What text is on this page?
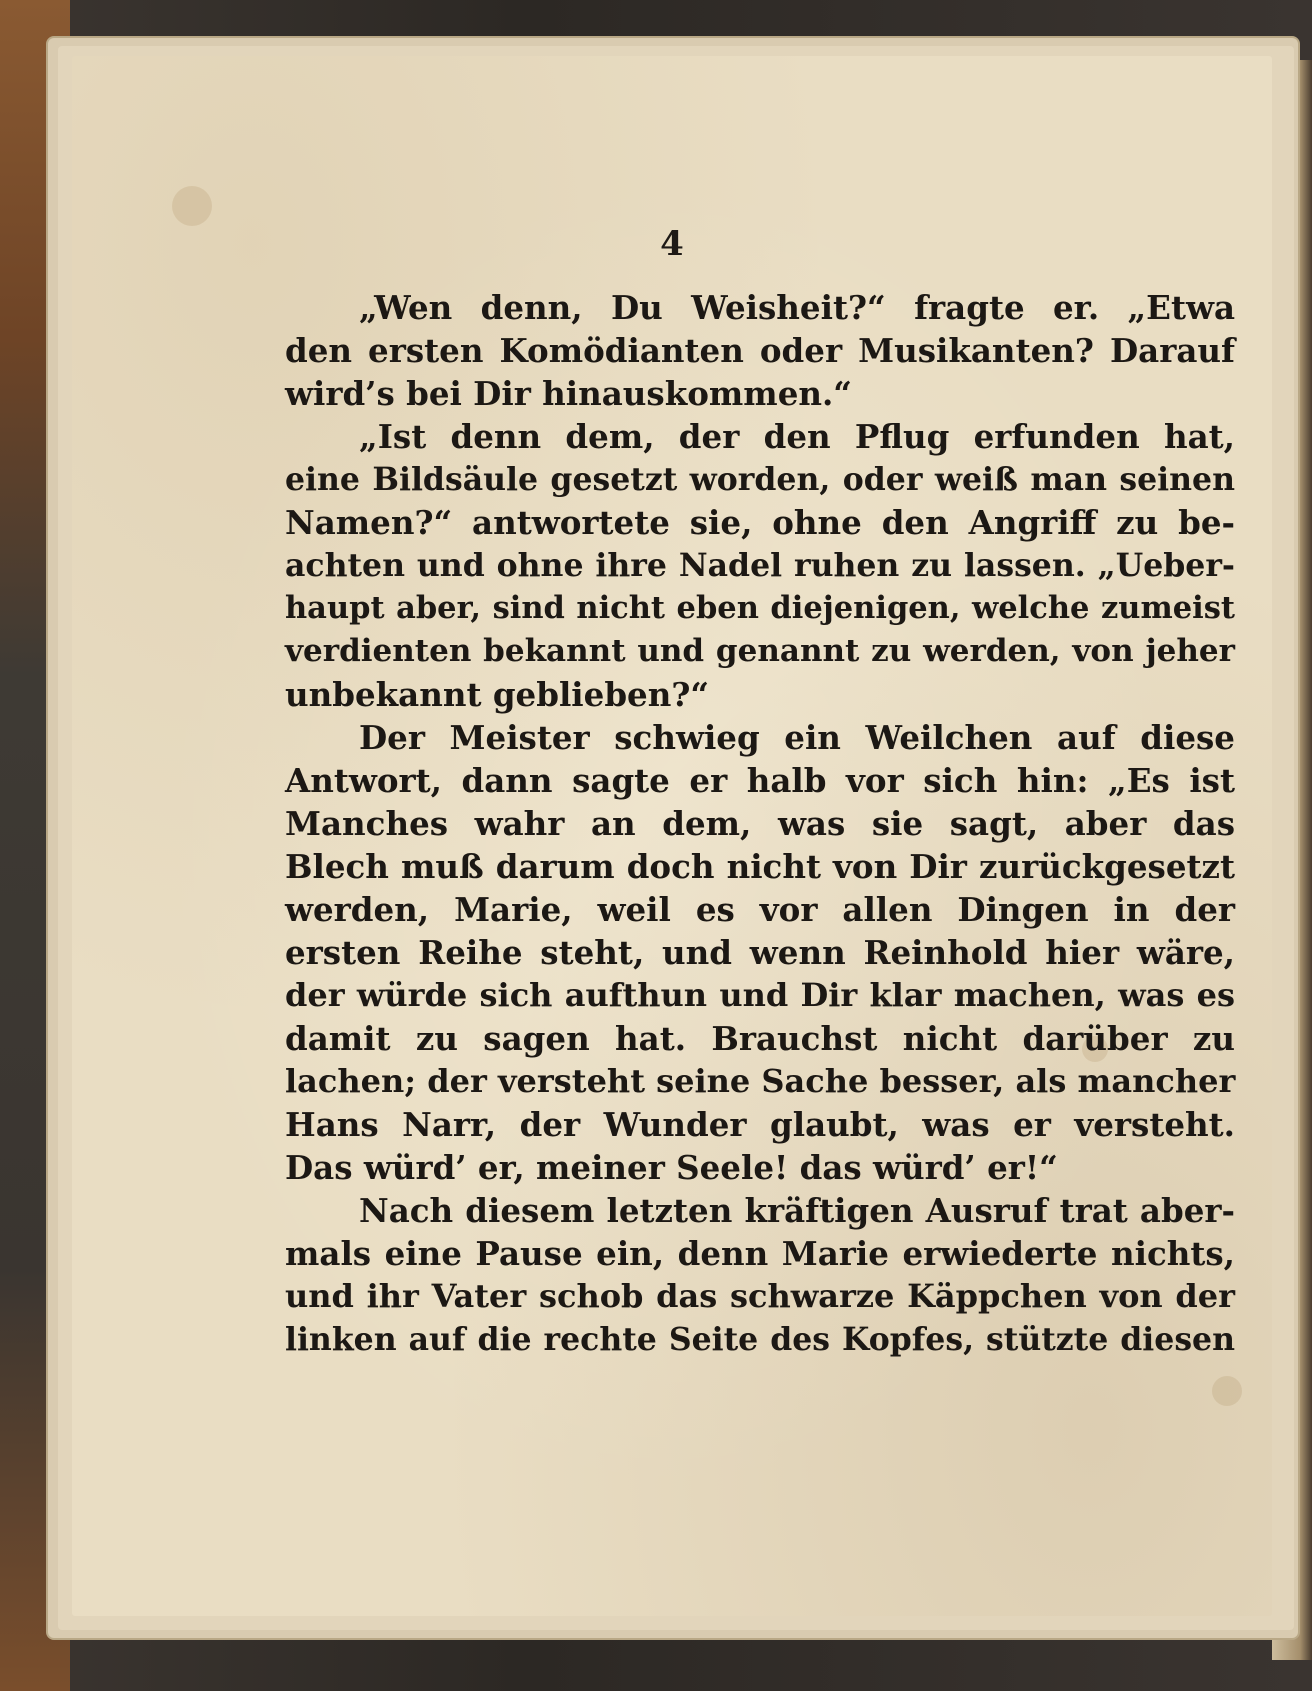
4
„Wen denn, Du Weisheit?“ fragte er. „Etwa
den ersten Komödianten oder Musikanten? Darauf
wird’s bei Dir hinauskommen.“
„Ist denn dem, der den Pflug erfunden hat,
eine Bildsäule gesetzt worden, oder weiß man seinen
Namen?“ antwortete sie, ohne den Angriff zu be-
achten und ohne ihre Nadel ruhen zu lassen. „Ueber-
haupt aber, sind nicht eben diejenigen, welche zumeist
verdienten bekannt und genannt zu werden, von jeher
unbekannt geblieben?“
Der Meister schwieg ein Weilchen auf diese
Antwort, dann sagte er halb vor sich hin: „Es ist
Manches wahr an dem, was sie sagt, aber das
Blech muß darum doch nicht von Dir zurückgesetzt
werden, Marie, weil es vor allen Dingen in der
ersten Reihe steht, und wenn Reinhold hier wäre,
der würde sich aufthun und Dir klar machen, was es
damit zu sagen hat. Brauchst nicht darüber zu
lachen; der versteht seine Sache besser, als mancher
Hans Narr, der Wunder glaubt, was er versteht.
Das würd’ er, meiner Seele! das würd’ er!“
Nach diesem letzten kräftigen Ausruf trat aber-
mals eine Pause ein, denn Marie erwiederte nichts,
und ihr Vater schob das schwarze Käppchen von der
linken auf die rechte Seite des Kopfes, stützte diesen
